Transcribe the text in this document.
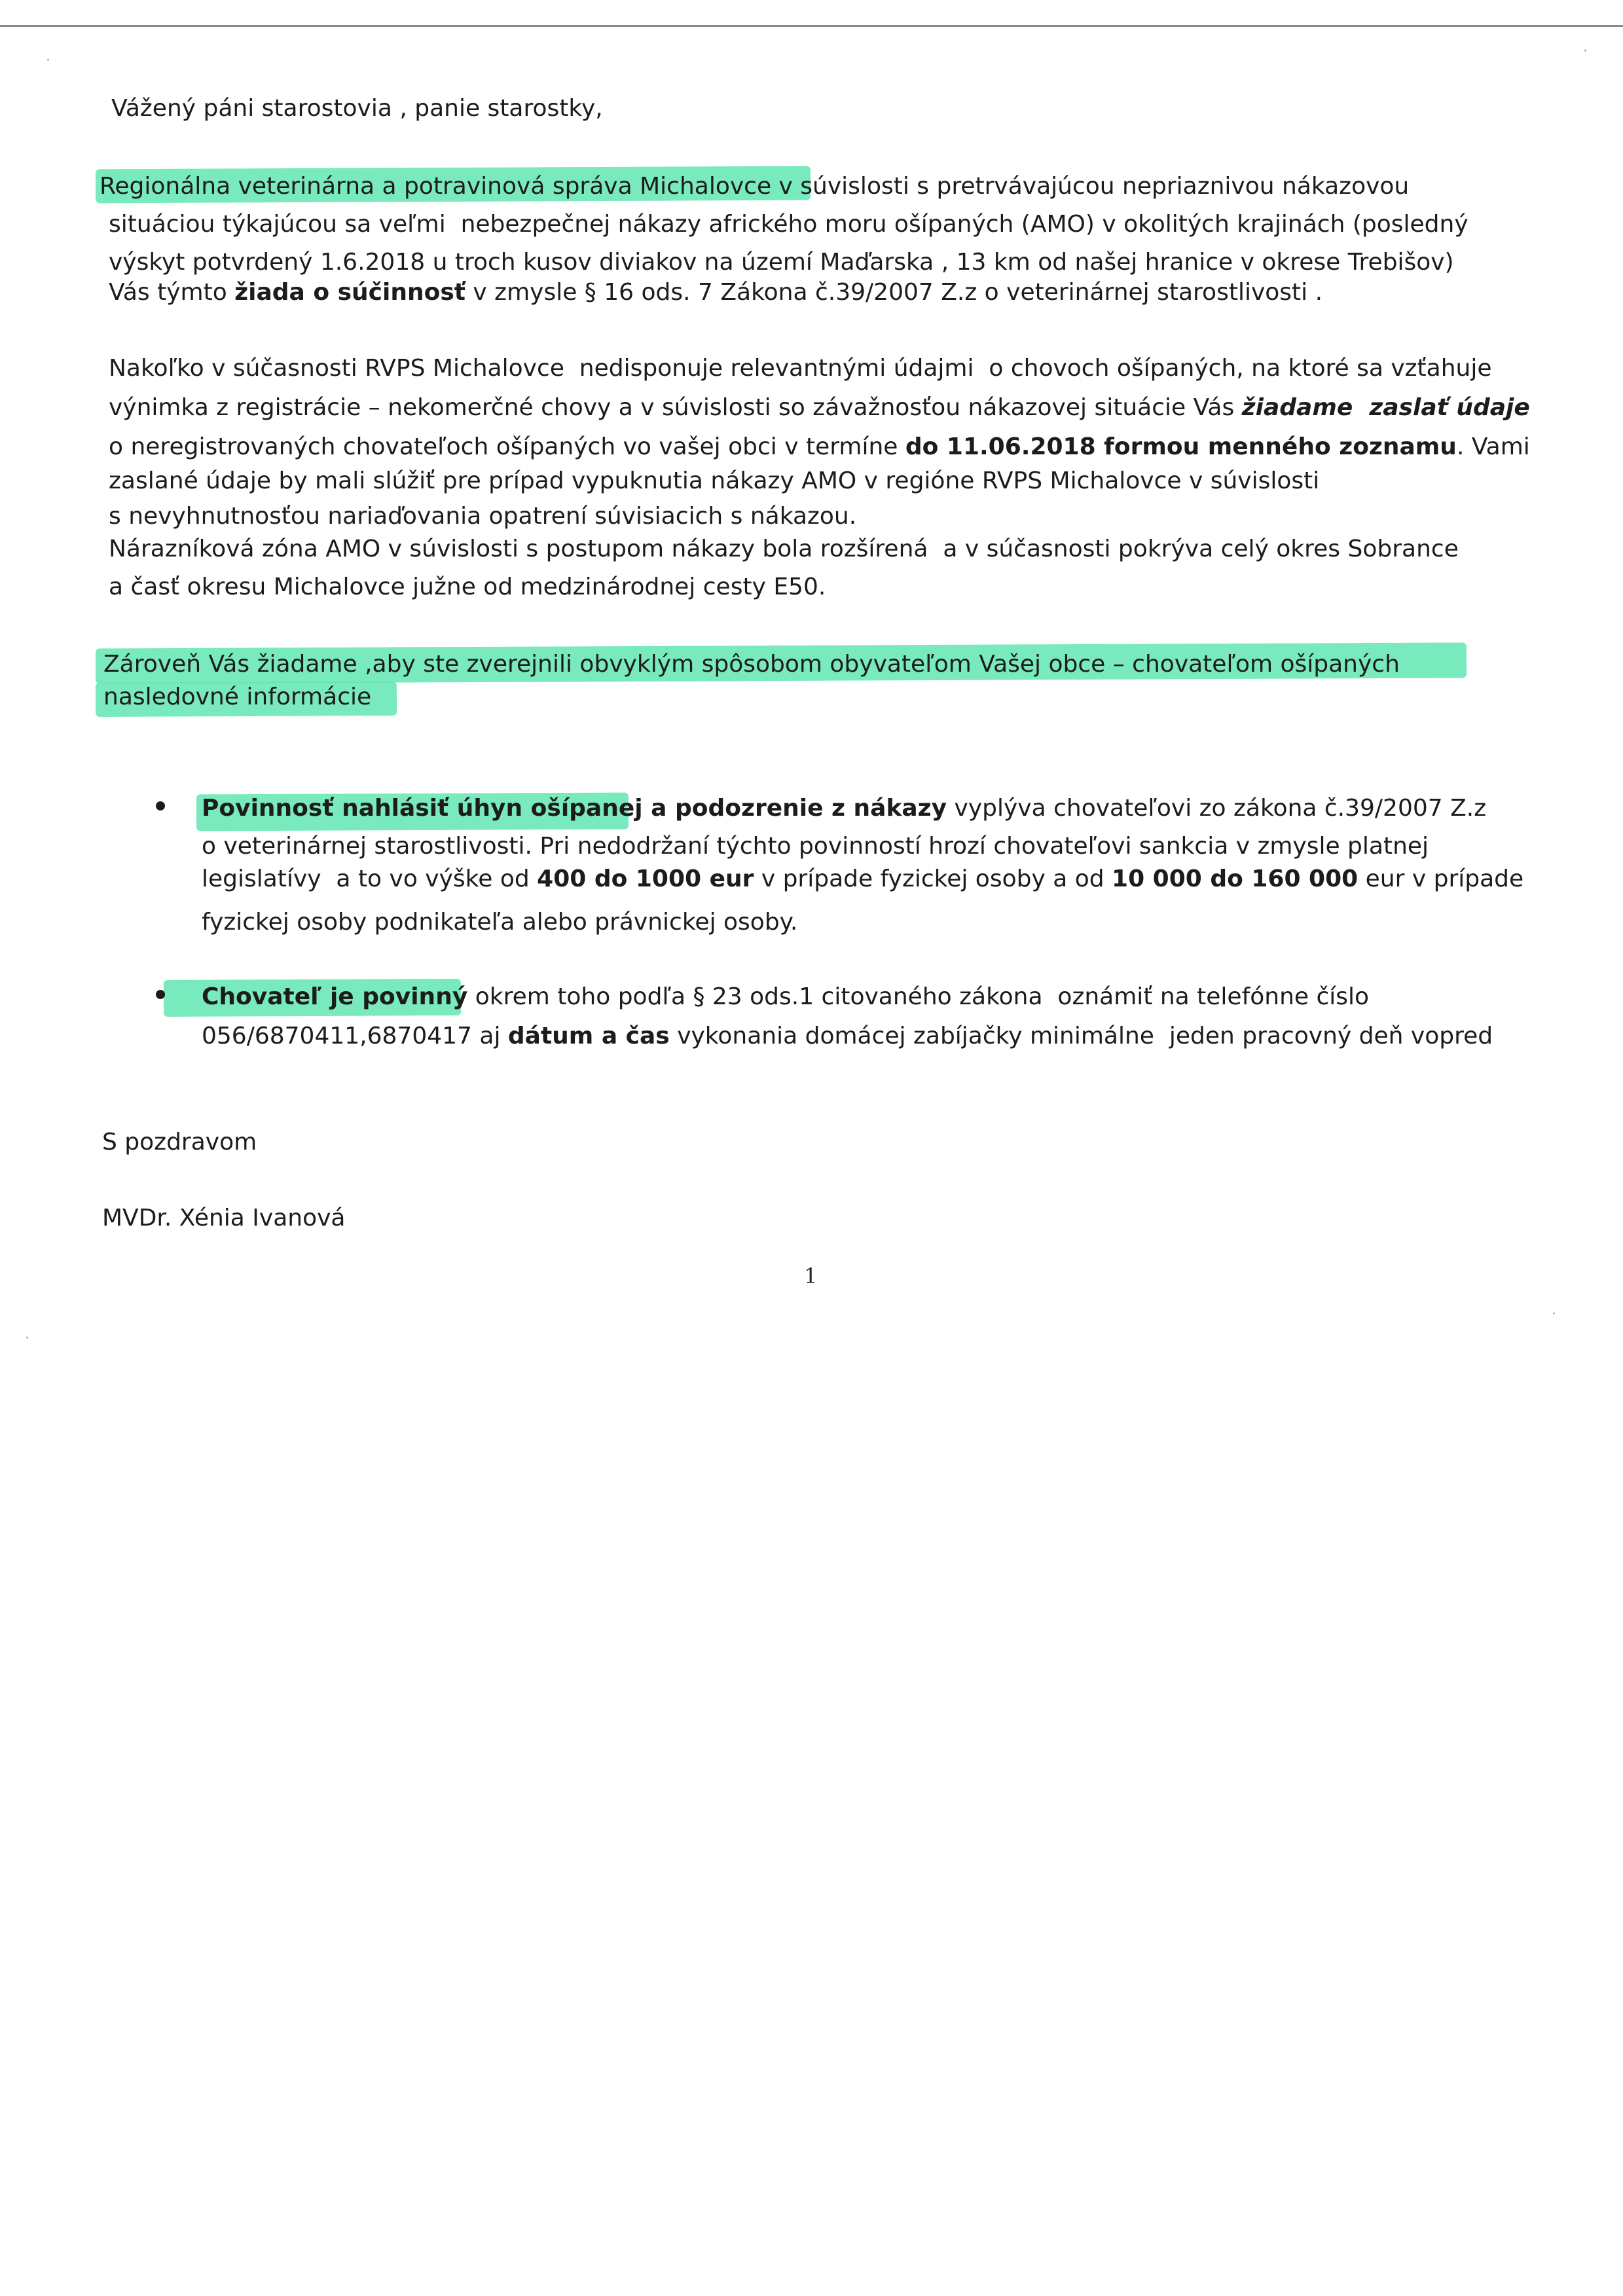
·
·
·
·
Vážený páni starostovia , panie starostky,
Regionálna veterinárna a potravinová správa Michalovce v súvislosti s pretrvávajúcou nepriaznivou nákazovou
situáciou týkajúcou sa veľmi  nebezpečnej nákazy afrického moru ošípaných (AMO) v okolitých krajinách (posledný
výskyt potvrdený 1.6.2018 u troch kusov diviakov na území Maďarska , 13 km od našej hranice v okrese Trebišov)
Vás týmto žiada o súčinnosť v zmysle § 16 ods. 7 Zákona č.39/2007 Z.z o veterinárnej starostlivosti .
Nakoľko v súčasnosti RVPS Michalovce  nedisponuje relevantnými údajmi  o chovoch ošípaných, na ktoré sa vzťahuje
výnimka z registrácie – nekomerčné chovy a v súvislosti so závažnosťou nákazovej situácie Vás žiadame  zaslať údaje
o neregistrovaných chovateľoch ošípaných vo vašej obci v termíne do 11.06.2018 formou menného zoznamu. Vami
zaslané údaje by mali slúžiť pre prípad vypuknutia nákazy AMO v regióne RVPS Michalovce v súvislosti
s nevyhnutnosťou nariaďovania opatrení súvisiacich s nákazou.
Nárazníková zóna AMO v súvislosti s postupom nákazy bola rozšírená  a v súčasnosti pokrýva celý okres Sobrance
a časť okresu Michalovce južne od medzinárodnej cesty E50.
Zároveň Vás žiadame ,aby ste zverejnili obvyklým spôsobom obyvateľom Vašej obce – chovateľom ošípaných
nasledovné informácie
Povinnosť nahlásiť úhyn ošípanej a podozrenie z nákazy vyplýva chovateľovi zo zákona č.39/2007 Z.z
o veterinárnej starostlivosti. Pri nedodržaní týchto povinností hrozí chovateľovi sankcia v zmysle platnej
legislatívy  a to vo výške od 400 do 1000 eur v prípade fyzickej osoby a od 10 000 do 160 000 eur v prípade
fyzickej osoby podnikateľa alebo právnickej osoby.
Chovateľ je povinný okrem toho podľa § 23 ods.1 citovaného zákona  oznámiť na telefónne číslo
056/6870411,6870417 aj dátum a čas vykonania domácej zabíjačky minimálne  jeden pracovný deň vopred
S pozdravom
MVDr. Xénia Ivanová
1
